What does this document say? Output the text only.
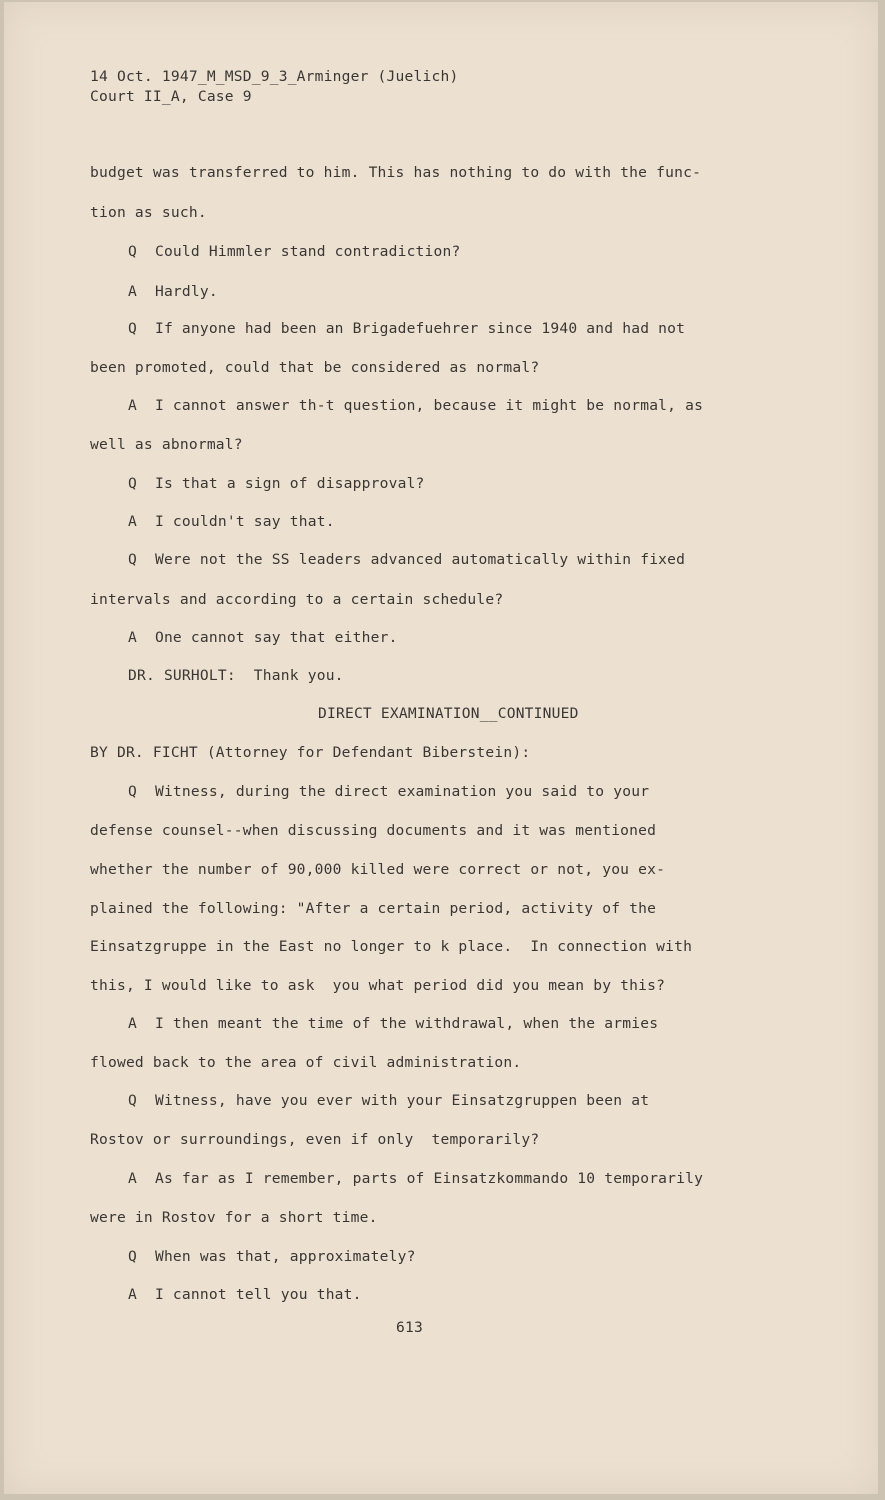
14 Oct. 1947_M_MSD_9_3_Arminger (Juelich)

Court II_A, Case 9

budget was transferred to him. This has nothing to do with the func-

tion as such.

Q  Could Himmler stand contradiction?

A  Hardly.

Q  If anyone had been an Brigadefuehrer since 1940 and had not

been promoted, could that be considered as normal?

A  I cannot answer th-t question, because it might be normal, as

well as abnormal?

Q  Is that a sign of disapproval?

A  I couldn't say that.

Q  Were not the SS leaders advanced automatically within fixed

intervals and according to a certain schedule?

A  One cannot say that either.

DR. SURHOLT:  Thank you.

DIRECT EXAMINATION__CONTINUED

BY DR. FICHT (Attorney for Defendant Biberstein):

Q  Witness, during the direct examination you said to your

defense counsel--when discussing documents and it was mentioned

whether the number of 90,000 killed were correct or not, you ex-

plained the following: "After a certain period, activity of the

Einsatzgruppe in the East no longer to k place.  In connection with

this, I would like to ask  you what period did you mean by this?

A  I then meant the time of the withdrawal, when the armies

flowed back to the area of civil administration.

Q  Witness, have you ever with your Einsatzgruppen been at

Rostov or surroundings, even if only  temporarily?

A  As far as I remember, parts of Einsatzkommando 10 temporarily

were in Rostov for a short time.

Q  When was that, approximately?

A  I cannot tell you that.

613
